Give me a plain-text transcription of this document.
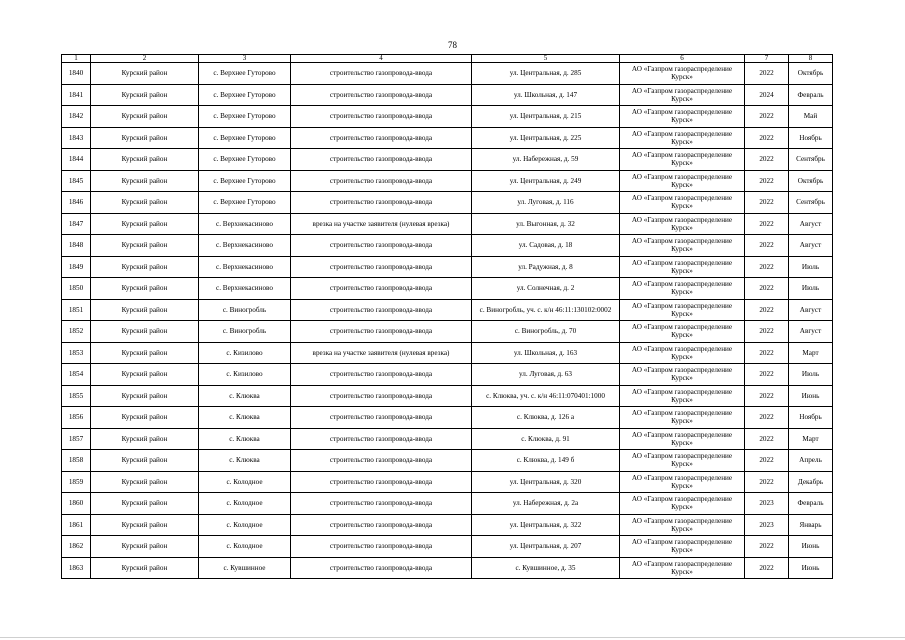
78
1	2	3	4	5	6	7	8
1840	Курский район	с. Верхнее Гуторово	строительство газопровода-ввода	ул. Центральная, д. 285	АО «Газпром газораспределение Курск»	2022	Октябрь
1841	Курский район	с. Верхнее Гуторово	строительство газопровода-ввода	ул. Школьная, д. 147	АО «Газпром газораспределение Курск»	2024	Февраль
1842	Курский район	с. Верхнее Гуторово	строительство газопровода-ввода	ул. Центральная, д. 215	АО «Газпром газораспределение Курск»	2022	Май
1843	Курский район	с. Верхнее Гуторово	строительство газопровода-ввода	ул. Центральная, д. 225	АО «Газпром газораспределение Курск»	2022	Ноябрь
1844	Курский район	с. Верхнее Гуторово	строительство газопровода-ввода	ул. Набережная, д. 59	АО «Газпром газораспределение Курск»	2022	Сентябрь
1845	Курский район	с. Верхнее Гуторово	строительство газопровода-ввода	ул. Центральная, д. 249	АО «Газпром газораспределение Курск»	2022	Октябрь
1846	Курский район	с. Верхнее Гуторово	строительство газопровода-ввода	ул. Луговая, д. 116	АО «Газпром газораспределение Курск»	2022	Сентябрь
1847	Курский район	с. Верхнекасиново	врезка на участке заявителя (нулевая врезка)	ул. Выгонная, д. 32	АО «Газпром газораспределение Курск»	2022	Август
1848	Курский район	с. Верхнекасиново	строительство газопровода-ввода	ул. Садовая, д. 18	АО «Газпром газораспределение Курск»	2022	Август
1849	Курский район	с. Верхнекасиново	строительство газопровода-ввода	ул. Радужная, д. 8	АО «Газпром газораспределение Курск»	2022	Июль
1850	Курский район	с. Верхнекасиново	строительство газопровода-ввода	ул. Солнечная, д. 2	АО «Газпром газораспределение Курск»	2022	Июль
1851	Курский район	с. Виногробль	строительство газопровода-ввода	с. Виногробль, уч. с. к/н 46:11:130102:0002	АО «Газпром газораспределение Курск»	2022	Август
1852	Курский район	с. Виногробль	строительство газопровода-ввода	с. Виногробль, д. 70	АО «Газпром газораспределение Курск»	2022	Август
1853	Курский район	с. Кизилово	врезка на участке заявителя (нулевая врезка)	ул. Школьная, д. 163	АО «Газпром газораспределение Курск»	2022	Март
1854	Курский район	с. Кизилово	строительство газопровода-ввода	ул. Луговая, д. 63	АО «Газпром газораспределение Курск»	2022	Июль
1855	Курский район	с. Клюква	строительство газопровода-ввода	с. Клюква, уч. с. к/н 46:11:070401:1000	АО «Газпром газораспределение Курск»	2022	Июнь
1856	Курский район	с. Клюква	строительство газопровода-ввода	с. Клюква, д. 126 а	АО «Газпром газораспределение Курск»	2022	Ноябрь
1857	Курский район	с. Клюква	строительство газопровода-ввода	с. Клюква, д. 91	АО «Газпром газораспределение Курск»	2022	Март
1858	Курский район	с. Клюква	строительство газопровода-ввода	с. Клюква, д. 149 б	АО «Газпром газораспределение Курск»	2022	Апрель
1859	Курский район	с. Колодное	строительство газопровода-ввода	ул. Центральная, д. 320	АО «Газпром газораспределение Курск»	2022	Декабрь
1860	Курский район	с. Колодное	строительство газопровода-ввода	ул. Набережная, д. 2а	АО «Газпром газораспределение Курск»	2023	Февраль
1861	Курский район	с. Колодное	строительство газопровода-ввода	ул. Центральная, д. 322	АО «Газпром газораспределение Курск»	2023	Январь
1862	Курский район	с. Колодное	строительство газопровода-ввода	ул. Центральная, д. 207	АО «Газпром газораспределение Курск»	2022	Июнь
1863	Курский район	с. Кувшинное	строительство газопровода-ввода	с. Кувшинное, д. 35	АО «Газпром газораспределение Курск»	2022	Июнь
